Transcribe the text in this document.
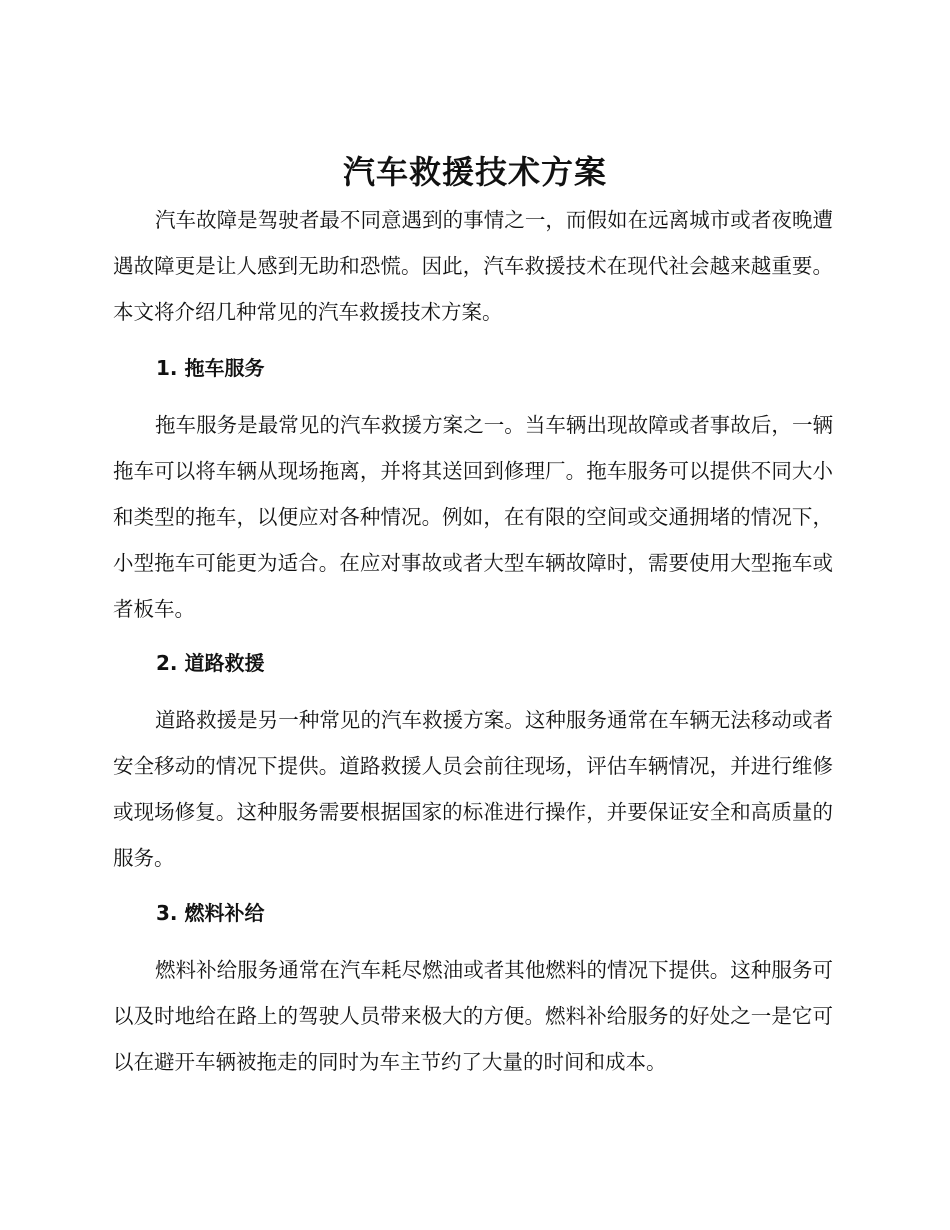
汽车救援技术方案

汽车故障是驾驶者最不同意遇到的事情之一，而假如在远离城市或者夜晚遭遇故障更是让人感到无助和恐慌。因此，汽车救援技术在现代社会越来越重要。本文将介绍几种常见的汽车救援技术方案。

1. 拖车服务

拖车服务是最常见的汽车救援方案之一。当车辆出现故障或者事故后，一辆拖车可以将车辆从现场拖离，并将其送回到修理厂。拖车服务可以提供不同大小和类型的拖车，以便应对各种情况。例如，在有限的空间或交通拥堵的情况下，小型拖车可能更为适合。在应对事故或者大型车辆故障时，需要使用大型拖车或者板车。

2. 道路救援

道路救援是另一种常见的汽车救援方案。这种服务通常在车辆无法移动或者安全移动的情况下提供。道路救援人员会前往现场，评估车辆情况，并进行维修或现场修复。这种服务需要根据国家的标准进行操作，并要保证安全和高质量的服务。

3. 燃料补给

燃料补给服务通常在汽车耗尽燃油或者其他燃料的情况下提供。这种服务可以及时地给在路上的驾驶人员带来极大的方便。燃料补给服务的好处之一是它可以在避开车辆被拖走的同时为车主节约了大量的时间和成本。
